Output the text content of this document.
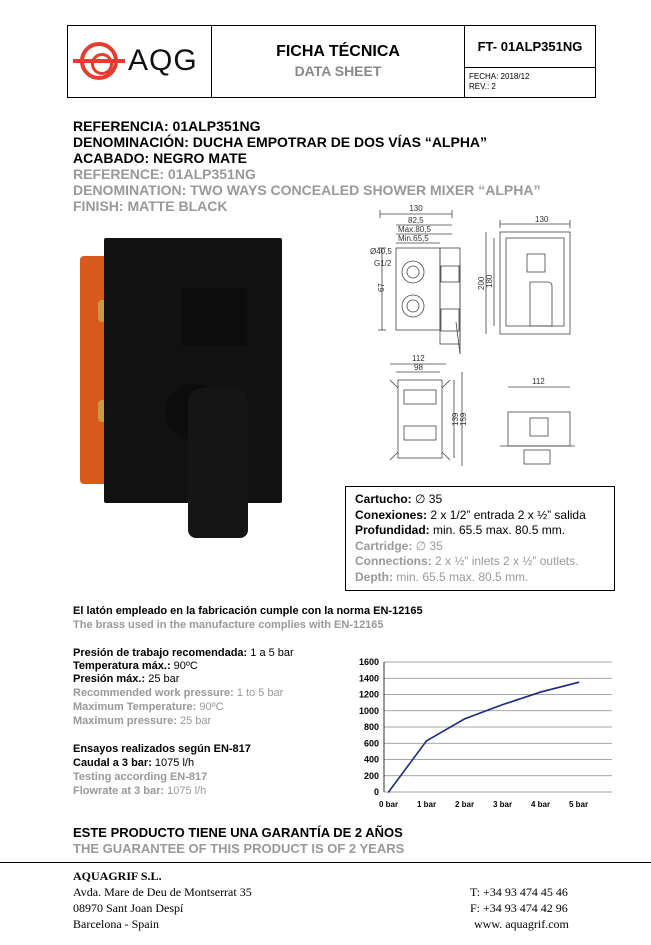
AQG	FICHA TÉCNICA
DATA SHEET
FT- 01ALP351NG
FECHA: 2018/12
REV.: 2
REFERENCIA: 01ALP351NG
DENOMINACIÓN: DUCHA EMPOTRAR DE DOS VÍAS “ALPHA”
ACABADO: NEGRO MATE
REFERENCE: 01ALP351NG
DENOMINATION: TWO WAYS CONCEALED SHOWER MIXER “ALPHA”
FINISH: MATTE BLACK	130
82,5
Max.80,5
Min.65,5
Ø40,5
G1/2
67	200 180
130
112
98
139 159
112
Cartucho: ∅ 35
Conexiones: 2 x 1/2” entrada 2 x ½” salida
Profundidad: min. 65.5 max. 80.5 mm.
Cartridge: ∅ 35
Connections: 2 x ½” inlets 2 x ½” outlets.
Depth: min. 65.5 max. 80.5 mm.
El latón empleado en la fabricación cumple con la norma EN-12165
The brass used in the manufacture complies with EN-12165
Presión de trabajo recomendada: 1 a 5 bar
Temperatura máx.: 90ºC
Presión máx.: 25 bar
Recommended work pressure: 1 to 5 bar
Maximum Temperature: 90ºC
Maximum pressure: 25 bar
Ensayos realizados según EN-817
Caudal a 3 bar: 1075 l/h
Testing according EN-817
Flowrate at 3 bar: 1075 l/h	0
200
400
600
800
1000
1200
1400
1600
0 bar 1 bar 2 bar 3 bar 4 bar 5 bar
ESTE PRODUCTO TIENE UNA GARANTÍA DE 2 AÑOS
THE GUARANTEE OF THIS PRODUCT IS OF 2 YEARS
AQUAGRIF S.L.
Avda. Mare de Deu de Montserrat 35
08970 Sant Joan Despí
Barcelona - Spain
T: +34 93 474 45 46
F: +34 93 474 42 96
www. aquagrif.com
